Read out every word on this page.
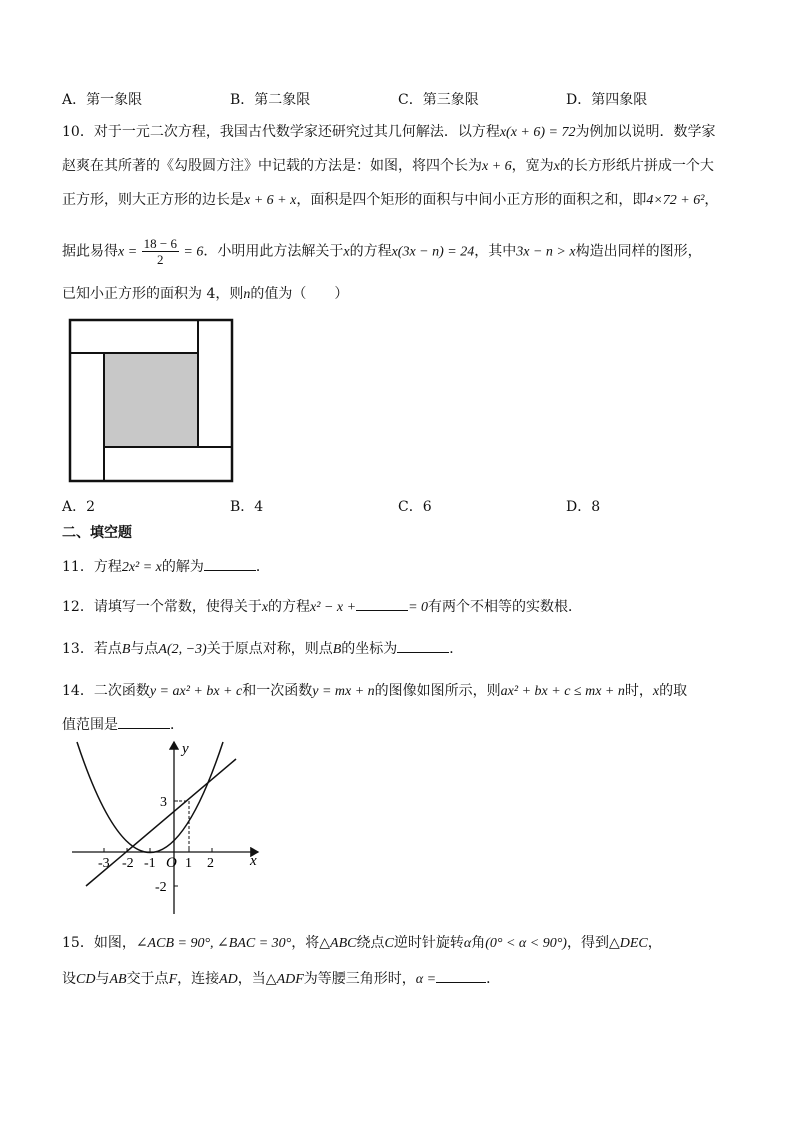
A．第一象限	B．第二象限	C．第三象限	D．第四象限
10．对于一元二次方程，我国古代数学家还研究过其几何解法．以方程x(x + 6) = 72为例加以说明．数学家
赵爽在其所著的《勾股圆方注》中记载的方法是：如图，将四个长为x + 6，宽为x的长方形纸片拼成一个大
正方形，则大正方形的边长是x + 6 + x，面积是四个矩形的面积与中间小正方形的面积之和，即4×72 + 6²，
据此易得$x = \frac{18 - 6}{2} = 6$．小明用此方法解关于x的方程x(3x − n) = 24，其中3x − n > x构造出同样的图形，
已知小正方形的面积为 4，则n的值为（　　）
A．2	B．4	C．6	D．8
二、填空题
11．方程2x² = x的解为	．
12．请填写一个常数，使得关于x的方程x² − x +	= 0有两个不相等的实数根．
13．若点B与点A(2, −3)关于原点对称，则点B的坐标为	．
14．二次函数y = ax² + bx + c和一次函数y = mx + n的图像如图所示，则ax² + bx + c ≤ mx + n时，x的取
值范围是	．
y
x
O
-3 -2 -1 1 2
3
-2
15．如图，∠ACB = 90°, ∠BAC = 30°，将△ABC绕点C逆时针旋转α角(0° < α < 90°)，得到△DEC，
设CD与AB交于点F，连接AD，当△ADF为等腰三角形时，α =	．
